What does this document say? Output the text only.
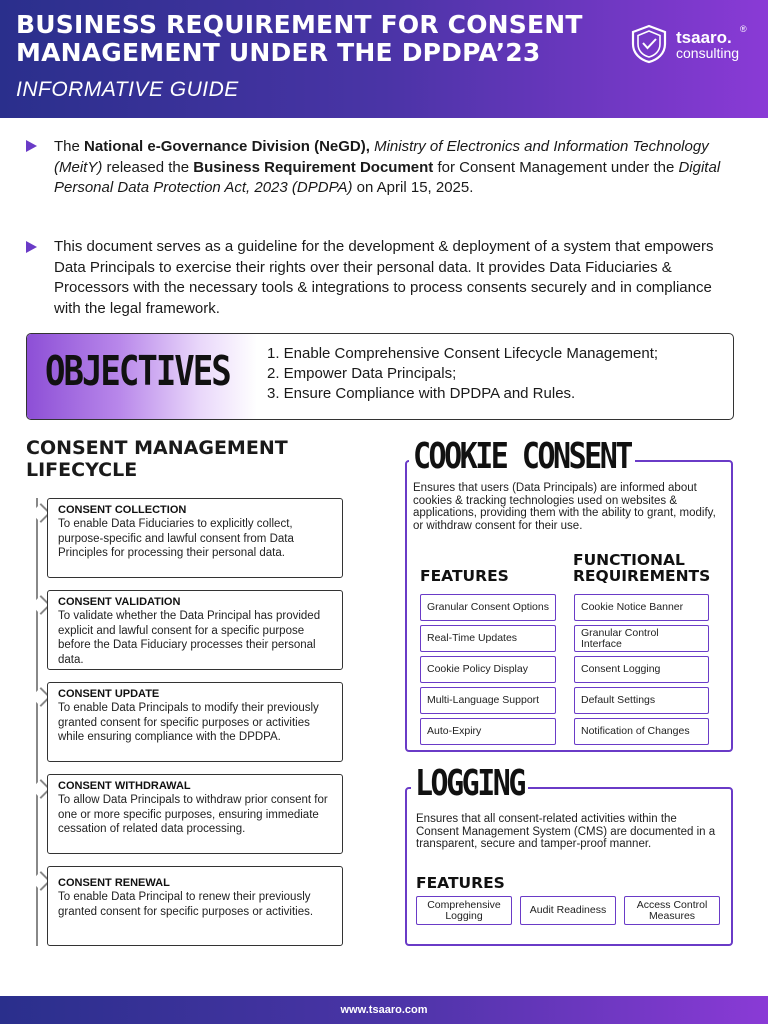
BUSINESS REQUIREMENT FOR CONSENT
MANAGEMENT UNDER THE DPDPA’23
INFORMATIVE GUIDE
tsaaro. ®
consulting
The National e-Governance Division (NeGD), Ministry of Electronics and Information Technology (MeitY) released the Business Requirement Document for Consent Management under the Digital Personal Data Protection Act, 2023 (DPDPA) on April 15, 2025.
This document serves as a guideline for the development & deployment of a system that empowers Data Principals to exercise their rights over their personal data. It provides Data Fiduciaries & Processors with the necessary tools & integrations to process consents securely and in compliance with the legal framework.
OBJECTIVES 1. Enable Comprehensive Consent Lifecycle Management;
2. Empower Data Principals;
3. Ensure Compliance with DPDPA and Rules.
CONSENT MANAGEMENT LIFECYCLE
CONSENT COLLECTION
To enable Data Fiduciaries to explicitly collect, purpose-specific and lawful consent from Data Principles for processing their personal data.
CONSENT VALIDATION
To validate whether the Data Principal has provided explicit and lawful consent for a specific purpose before the Data Fiduciary processes their personal data.
CONSENT UPDATE
To enable Data Principals to modify their previously granted consent for specific purposes or activities while ensuring compliance with the DPDPA.
CONSENT WITHDRAWAL
To allow Data Principals to withdraw prior consent for one or more specific purposes, ensuring immediate cessation of related data processing.
CONSENT RENEWAL
To enable Data Principal to renew their previously granted consent for specific purposes or activities.
COOKIE CONSENT
Ensures that users (Data Principals) are informed about cookies & tracking technologies used on websites & applications, providing them with the ability to grant, modify, or withdraw consent for their use.
FEATURES
FUNCTIONAL REQUIREMENTS
Granular Consent Options
Real-Time Updates
Cookie Policy Display
Multi-Language Support
Auto-Expiry
Cookie Notice Banner
Granular Control Interface
Consent Logging
Default Settings
Notification of Changes
LOGGING
Ensures that all consent-related activities within the Consent Management System (CMS) are documented in a transparent, secure and tamper-proof manner.
FEATURES
Comprehensive Logging	Audit Readiness	Access Control Measures
www.tsaaro.com
